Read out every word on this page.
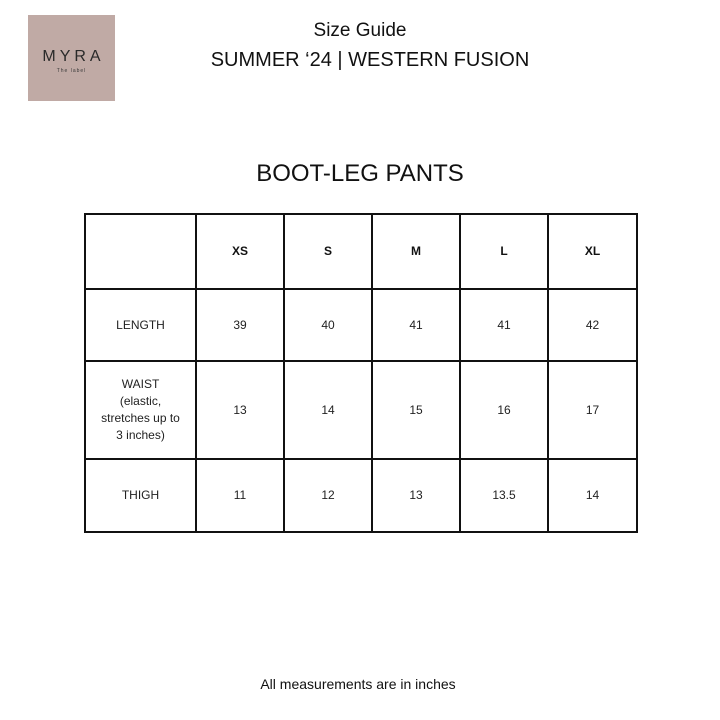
MYRA
The label
Size Guide
SUMMER ‘24 | WESTERN FUSION
BOOT-LEG PANTS
	XS	S	M	L	XL
LENGTH	39	40	41	41	42
WAIST
(elastic,
stretches up to
3 inches)	13	14	15	16	17
THIGH	11	12	13	13.5	14
All measurements are in inches
